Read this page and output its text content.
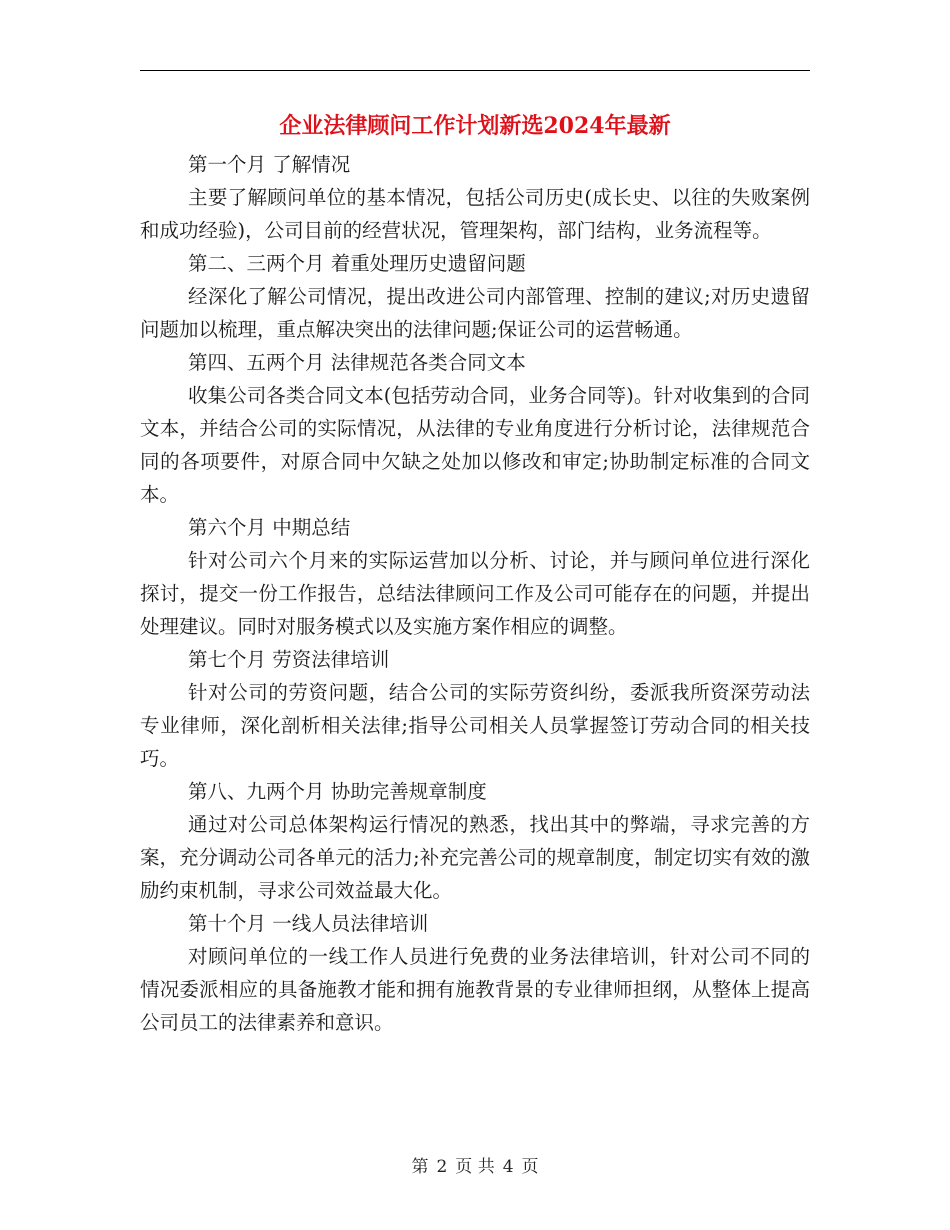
企业法律顾问工作计划新选2024年最新

第一个月 了解情况

主要了解顾问单位的基本情况，包括公司历史(成长史、以往的失败案例和成功经验)，公司目前的经营状况，管理架构，部门结构，业务流程等。

第二、三两个月 着重处理历史遗留问题

经深化了解公司情况，提出改进公司内部管理、控制的建议;对历史遗留问题加以梳理，重点解决突出的法律问题;保证公司的运营畅通。

第四、五两个月 法律规范各类合同文本

收集公司各类合同文本(包括劳动合同，业务合同等)。针对收集到的合同文本，并结合公司的实际情况，从法律的专业角度进行分析讨论，法律规范合同的各项要件，对原合同中欠缺之处加以修改和审定;协助制定标准的合同文本。

第六个月 中期总结

针对公司六个月来的实际运营加以分析、讨论，并与顾问单位进行深化探讨，提交一份工作报告，总结法律顾问工作及公司可能存在的问题，并提出处理建议。同时对服务模式以及实施方案作相应的调整。

第七个月 劳资法律培训

针对公司的劳资问题，结合公司的实际劳资纠纷，委派我所资深劳动法专业律师，深化剖析相关法律;指导公司相关人员掌握签订劳动合同的相关技巧。

第八、九两个月 协助完善规章制度

通过对公司总体架构运行情况的熟悉，找出其中的弊端，寻求完善的方案，充分调动公司各单元的活力;补充完善公司的规章制度，制定切实有效的激励约束机制，寻求公司效益最大化。

第十个月 一线人员法律培训

对顾问单位的一线工作人员进行免费的业务法律培训，针对公司不同的情况委派相应的具备施教才能和拥有施教背景的专业律师担纲，从整体上提高公司员工的法律素养和意识。

第 2 页 共 4 页
